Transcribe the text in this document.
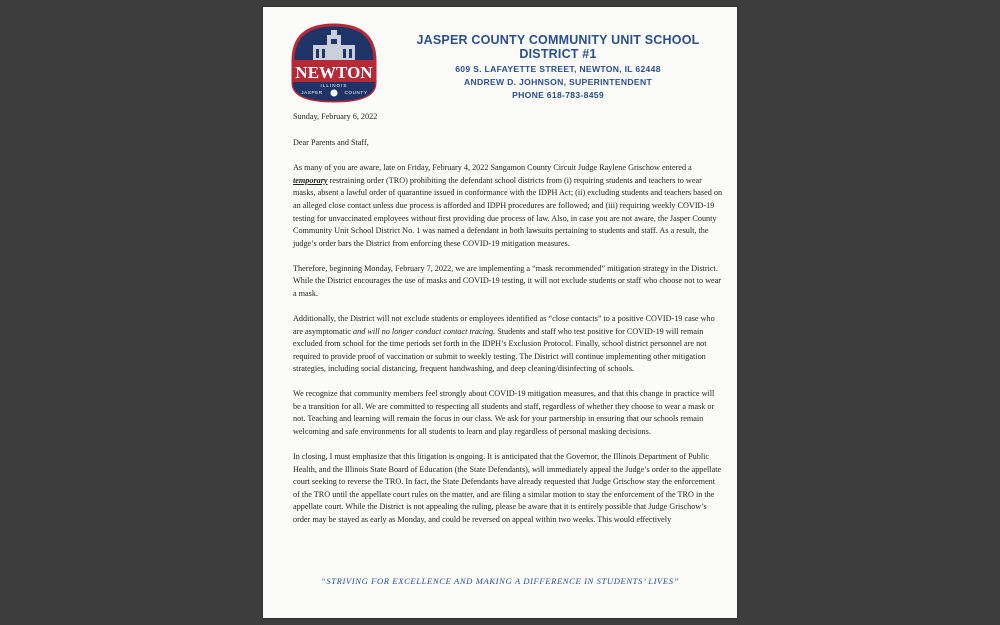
NEWTON
ILLINOIS
JASPER	COUNTY
JASPER COUNTY COMMUNITY UNIT SCHOOL DISTRICT #1
609 S. LAFAYETTE STREET, NEWTON, IL 62448
ANDREW D. JOHNSON, SUPERINTENDENT
PHONE 618-783-8459

Sunday, February 6, 2022

Dear Parents and Staff,

As many of you are aware, late on Friday, February 4, 2022 Sangamon County Circuit Judge Raylene Grischow entered a temporary restraining order (TRO) prohibiting the defendant school districts from (i) requiring students and teachers to wear masks, absent a lawful order of quarantine issued in conformance with the IDPH Act; (ii) excluding students and teachers based on an alleged close contact unless due process is afforded and IDPH procedures are followed; and (iii) requiring weekly COVID-19 testing for unvaccinated employees without first providing due process of law. Also, in case you are not aware, the Jasper County Community Unit School District No. 1 was named a defendant in both lawsuits pertaining to students and staff. As a result, the judge’s order bars the District from enforcing these COVID-19 mitigation measures.

Therefore, beginning Monday, February 7, 2022, we are implementing a “mask recommended” mitigation strategy in the District. While the District encourages the use of masks and COVID-19 testing, it will not exclude students or staff who choose not to wear a mask.

Additionally, the District will not exclude students or employees identified as “close contacts” to a positive COVID-19 case who are asymptomatic and will no longer conduct contact tracing. Students and staff who test positive for COVID-19 will remain excluded from school for the time periods set forth in the IDPH’s Exclusion Protocol. Finally, school district personnel are not required to provide proof of vaccination or submit to weekly testing. The District will continue implementing other mitigation strategies, including social distancing, frequent handwashing, and deep cleaning/disinfecting of schools.

We recognize that community members feel strongly about COVID-19 mitigation measures, and that this change in practice will be a transition for all. We are committed to respecting all students and staff, regardless of whether they choose to wear a mask or not. Teaching and learning will remain the focus in our class. We ask for your partnership in ensuring that our schools remain welcoming and safe environments for all students to learn and play regardless of personal masking decisions.

In closing, I must emphasize that this litigation is ongoing. It is anticipated that the Governor, the Illinois Department of Public Health, and the Illinois State Board of Education (the State Defendants), will immediately appeal the Judge’s order to the appellate court seeking to reverse the TRO. In fact, the State Defendants have already requested that Judge Grischow stay the enforcement of the TRO until the appellate court rules on the matter, and are filing a similar motion to stay the enforcement of the TRO in the appellate court. While the District is not appealing the ruling, please be aware that it is entirely possible that Judge Grischow’s order may be stayed as early as Monday, and could be reversed on appeal within two weeks. This would effectively

“STRIVING FOR EXCELLENCE AND MAKING A DIFFERENCE IN STUDENTS’ LIVES”
